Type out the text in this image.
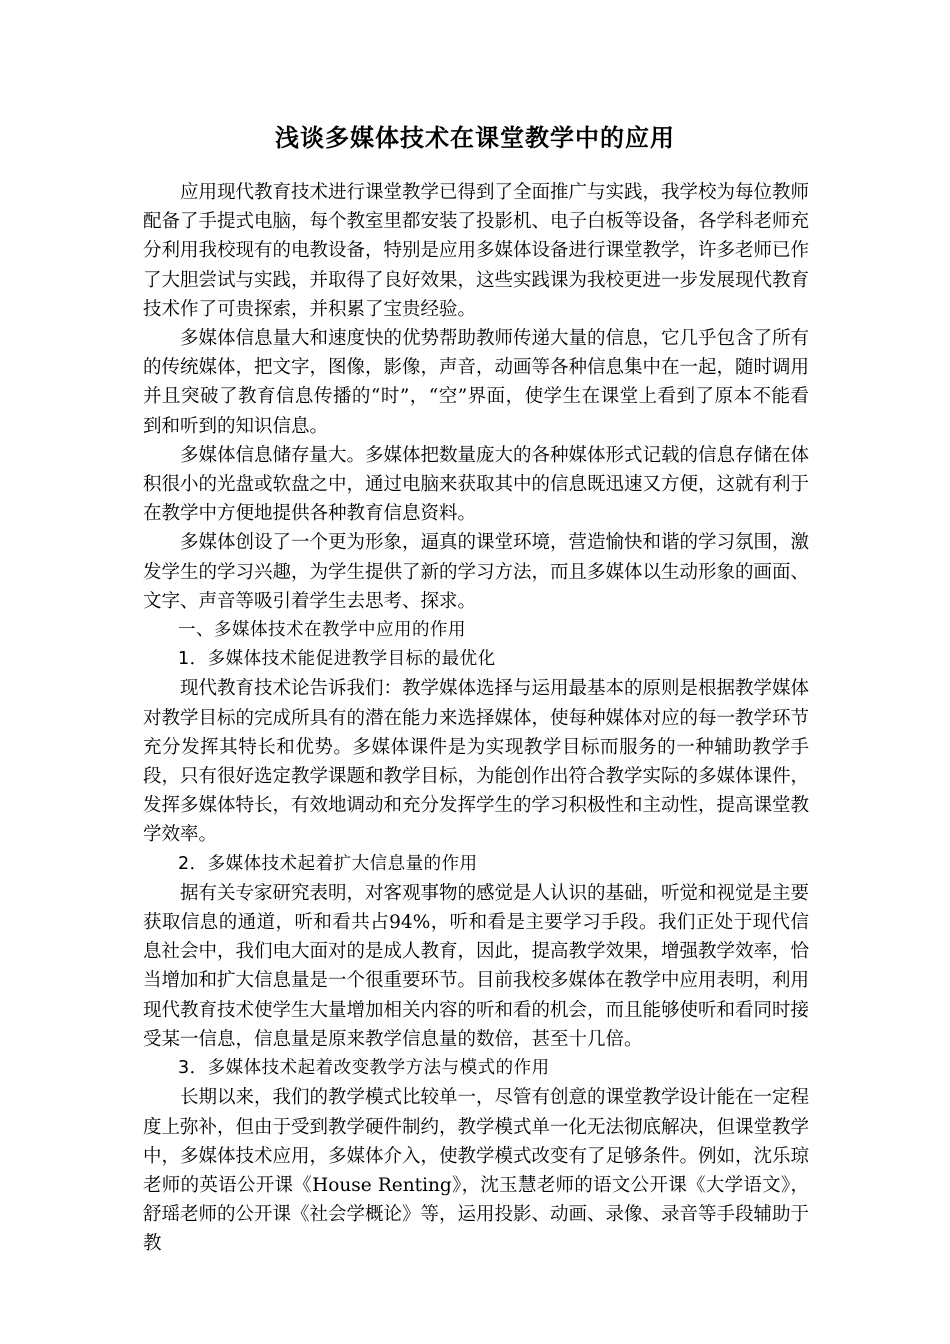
浅谈多媒体技术在课堂教学中的应用

应用现代教育技术进行课堂教学已得到了全面推广与实践，我学校为每位教师配备了手提式电脑，每个教室里都安装了投影机、电子白板等设备，各学科老师充分利用我校现有的电教设备，特别是应用多媒体设备进行课堂教学，许多老师已作了大胆尝试与实践，并取得了良好效果，这些实践课为我校更进一步发展现代教育技术作了可贵探索，并积累了宝贵经验。

多媒体信息量大和速度快的优势帮助教师传递大量的信息，它几乎包含了所有的传统媒体，把文字，图像，影像，声音，动画等各种信息集中在一起，随时调用并且突破了教育信息传播的“时”，“空”界面，使学生在课堂上看到了原本不能看到和听到的知识信息。

多媒体信息储存量大。多媒体把数量庞大的各种媒体形式记载的信息存储在体积很小的光盘或软盘之中，通过电脑来获取其中的信息既迅速又方便，这就有利于在教学中方便地提供各种教育信息资料。

多媒体创设了一个更为形象，逼真的课堂环境，营造愉快和谐的学习氛围，激发学生的学习兴趣，为学生提供了新的学习方法，而且多媒体以生动形象的画面、文字、声音等吸引着学生去思考、探求。

一、多媒体技术在教学中应用的作用

1．多媒体技术能促进教学目标的最优化

现代教育技术论告诉我们：教学媒体选择与运用最基本的原则是根据教学媒体对教学目标的完成所具有的潜在能力来选择媒体，使每种媒体对应的每一教学环节充分发挥其特长和优势。多媒体课件是为实现教学目标而服务的一种辅助教学手段，只有很好选定教学课题和教学目标，为能创作出符合教学实际的多媒体课件，发挥多媒体特长，有效地调动和充分发挥学生的学习积极性和主动性，提高课堂教学效率。

2．多媒体技术起着扩大信息量的作用

据有关专家研究表明，对客观事物的感觉是人认识的基础，听觉和视觉是主要获取信息的通道，听和看共占94%，听和看是主要学习手段。我们正处于现代信息社会中，我们电大面对的是成人教育，因此，提高教学效果，增强教学效率，恰当增加和扩大信息量是一个很重要环节。目前我校多媒体在教学中应用表明，利用现代教育技术使学生大量增加相关内容的听和看的机会，而且能够使听和看同时接受某一信息，信息量是原来教学信息量的数倍，甚至十几倍。

3．多媒体技术起着改变教学方法与模式的作用

长期以来，我们的教学模式比较单一，尽管有创意的课堂教学设计能在一定程度上弥补，但由于受到教学硬件制约，教学模式单一化无法彻底解决，但课堂教学中，多媒体技术应用，多媒体介入，使教学模式改变有了足够条件。例如，沈乐琼老师的英语公开课《House Renting》，沈玉慧老师的语文公开课《大学语文》，舒瑶老师的公开课《社会学概论》等，运用投影、动画、录像、录音等手段辅助于教
